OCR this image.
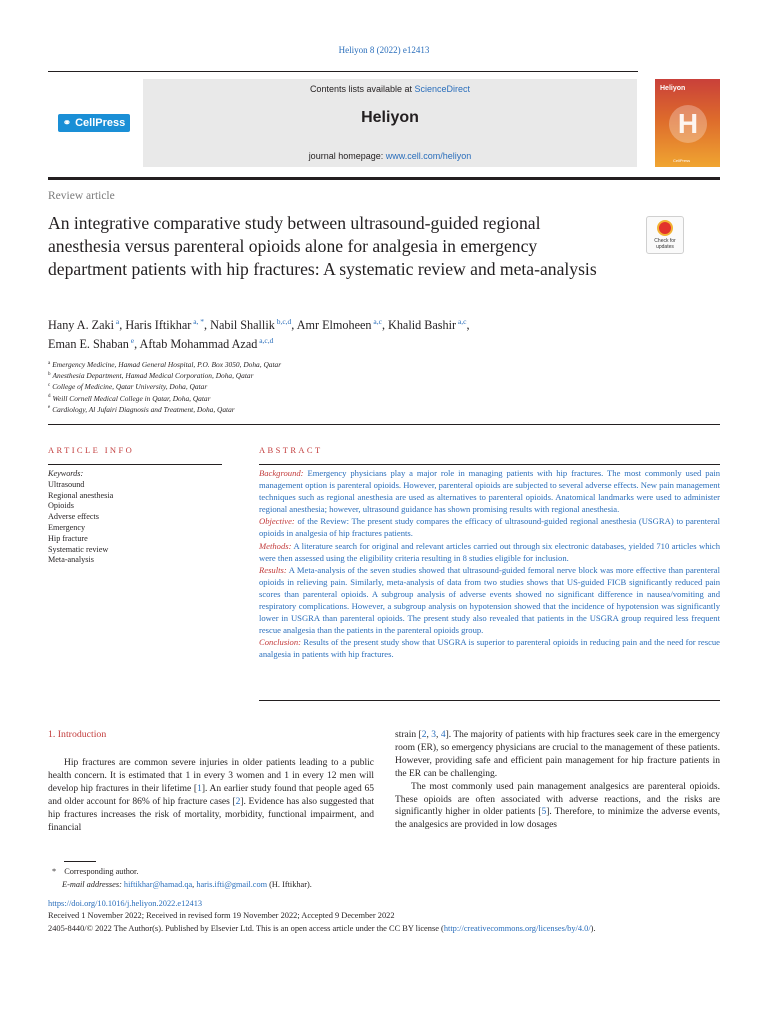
Heliyon 8 (2022) e12413
⚭ CellPress
Contents lists available at ScienceDirect
Heliyon
journal homepage: www.cell.com/heliyon
Heliyon
H
CellPress
Review article
An integrative comparative study between ultrasound-guided regional anesthesia versus parenteral opioids alone for analgesia in emergency department patients with hip fractures: A systematic review and meta-analysis
Check for updates
Hany A. Zaki $^a$, Haris Iftikhar $^{a, *}$, Nabil Shallik $^{b,c,d}$, Amr Elmoheen $^{a,c}$, Khalid Bashir $^{a,c}$,
Eman E. Shaban $^e$, Aftab Mohammad Azad $^{a,c,d}$
$^a$ Emergency Medicine, Hamad General Hospital, P.O. Box 3050, Doha, Qatar
$^b$ Anesthesia Department, Hamad Medical Corporation, Doha, Qatar
$^c$ College of Medicine, Qatar University, Doha, Qatar
$^d$ Weill Cornell Medical College in Qatar, Doha, Qatar
$^e$ Cardiology, Al Jufairi Diagnosis and Treatment, Doha, Qatar
ARTICLE INFO	ABSTRACT
Keywords:
Ultrasound
Regional anesthesia
Opioids
Adverse effects
Emergency
Hip fracture
Systematic review
Meta-analysis
Background: Emergency physicians play a major role in managing patients with hip fractures. The most commonly used pain management option is parenteral opioids. However, parenteral opioids are subjected to several adverse effects. New pain management techniques such as regional anesthesia are used as alternatives to parenteral opioids. Anatomical landmarks were used to administer regional anesthesia; however, ultrasound guidance has shown promising results with regional anesthesia.
Objective: of the Review: The present study compares the efficacy of ultrasound-guided regional anesthesia (USGRA) to parenteral opioids in analgesia of hip fractures patients.
Methods: A literature search for original and relevant articles carried out through six electronic databases, yielded 710 articles which were then assessed using the eligibility criteria resulting in 8 studies eligible for inclusion.
Results: A Meta-analysis of the seven studies showed that ultrasound-guided femoral nerve block was more effective than parenteral opioids in relieving pain. Similarly, meta-analysis of data from two studies shows that US-guided FICB significantly reduced pain scores than parenteral opioids. A subgroup analysis of adverse events showed no significant difference in nausea/vomiting and respiratory complications. However, a subgroup analysis on hypotension showed that the incidence of hypotension was significantly lower in USGRA than parenteral opioids. The present study also revealed that patients in the USGRA group required less frequent rescue analgesia than the patients in the parenteral opioids group.
Conclusion: Results of the present study show that USGRA is superior to parenteral opioids in reducing pain and the need for rescue analgesia in patients with hip fractures.
1. Introduction
Hip fractures are common severe injuries in older patients leading to a public health concern. It is estimated that 1 in every 3 women and 1 in every 12 men will develop hip fractures in their lifetime [1]. An earlier study found that people aged 65 and older account for 86% of hip fracture cases [2]. Evidence has also suggested that hip fractures increases the risk of mortality, morbidity, functional impairment, and financial

strain [2, 3, 4]. The majority of patients with hip fractures seek care in the emergency room (ER), so emergency physicians are crucial to the management of these patients. However, providing safe and efficient pain management for hip fracture patients in the ER can be challenging.

The most commonly used pain management analgesics are parenteral opioids. These opioids are often associated with adverse reactions, and the risks are significantly higher in older patients [5]. Therefore, to minimize the adverse events, the analgesics are provided in low dosages

* Corresponding author.
E-mail addresses: hiftikhar@hamad.qa, haris.ifti@gmail.com (H. Iftikhar).
https://doi.org/10.1016/j.heliyon.2022.e12413
Received 1 November 2022; Received in revised form 19 November 2022; Accepted 9 December 2022
2405-8440/© 2022 The Author(s). Published by Elsevier Ltd. This is an open access article under the CC BY license (http://creativecommons.org/licenses/by/4.0/).
